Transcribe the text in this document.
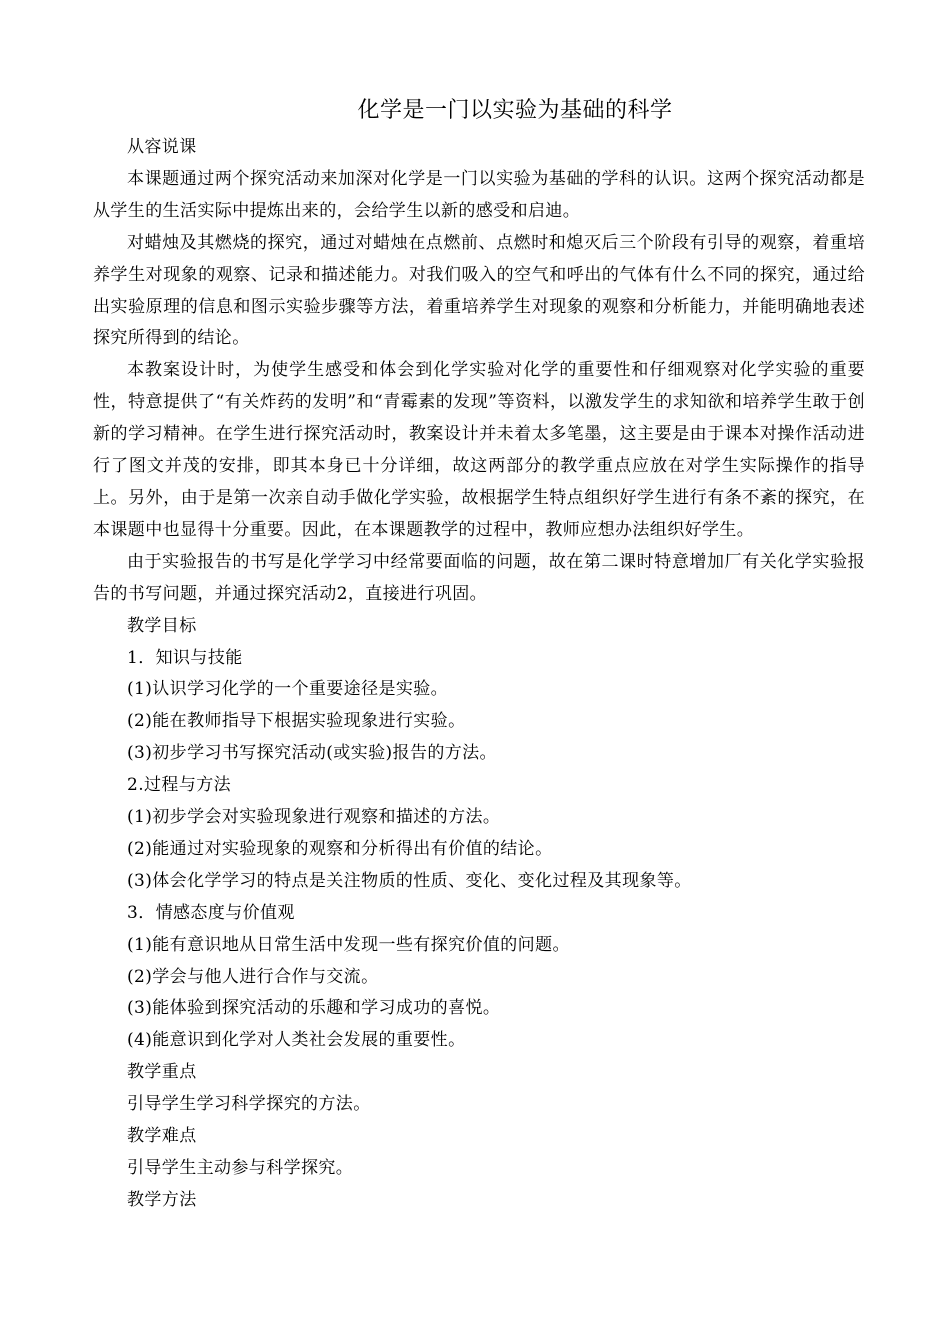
化学是一门以实验为基础的科学

从容说课

本课题通过两个探究活动来加深对化学是一门以实验为基础的学科的认识。这两个探究活动都是从学生的生活实际中提炼出来的，会给学生以新的感受和启迪。

对蜡烛及其燃烧的探究，通过对蜡烛在点燃前、点燃时和熄灭后三个阶段有引导的观察，着重培养学生对现象的观察、记录和描述能力。对我们吸入的空气和呼出的气体有什么不同的探究，通过给出实验原理的信息和图示实验步骤等方法，着重培养学生对现象的观察和分析能力，并能明确地表述探究所得到的结论。

本教案设计时，为使学生感受和体会到化学实验对化学的重要性和仔细观察对化学实验的重要性，特意提供了“有关炸药的发明”和“青霉素的发现”等资料，以激发学生的求知欲和培养学生敢于创新的学习精神。在学生进行探究活动时，教案设计并未着太多笔墨，这主要是由于课本对操作活动进行了图文并茂的安排，即其本身已十分详细，故这两部分的教学重点应放在对学生实际操作的指导上。另外，由于是第一次亲自动手做化学实验，故根据学生特点组织好学生进行有条不紊的探究，在本课题中也显得十分重要。因此，在本课题教学的过程中，教师应想办法组织好学生。

由于实验报告的书写是化学学习中经常要面临的问题，故在第二课时特意增加厂有关化学实验报告的书写问题，并通过探究活动2，直接进行巩固。

教学目标

1．知识与技能

(1)认识学习化学的一个重要途径是实验。

(2)能在教师指导下根据实验现象进行实验。

(3)初步学习书写探究活动(或实验)报告的方法。

2.过程与方法

(1)初步学会对实验现象进行观察和描述的方法。

(2)能通过对实验现象的观察和分析得出有价值的结论。

(3)体会化学学习的特点是关注物质的性质、变化、变化过程及其现象等。

3．情感态度与价值观

(1)能有意识地从日常生活中发现一些有探究价值的问题。

(2)学会与他人进行合作与交流。

(3)能体验到探究活动的乐趣和学习成功的喜悦。

(4)能意识到化学对人类社会发展的重要性。

教学重点

引导学生学习科学探究的方法。

教学难点

引导学生主动参与科学探究。

教学方法
